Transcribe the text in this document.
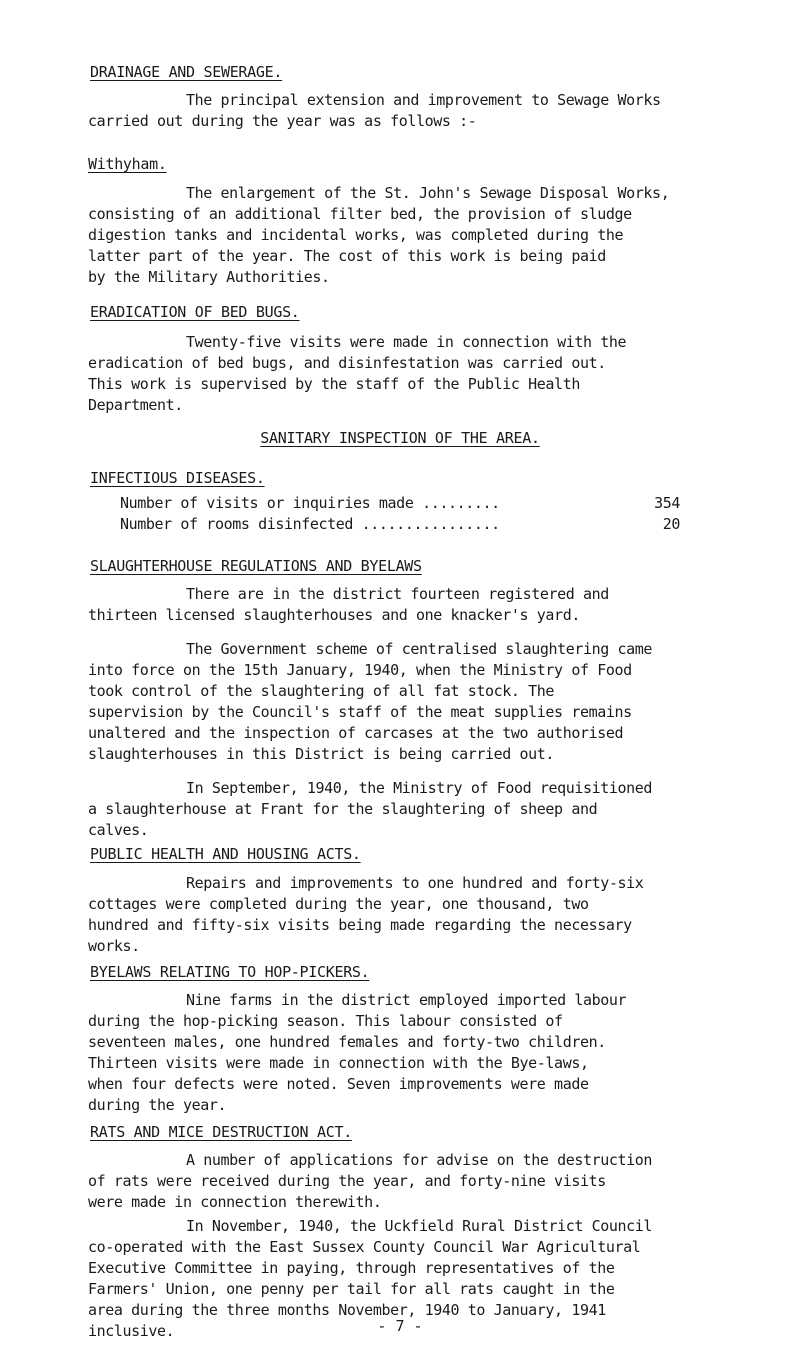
DRAINAGE AND SEWERAGE.
The principal extension and improvement to Sewage Works
carried out during the year was as follows :-
Withyham.
The enlargement of the St. John's Sewage Disposal Works,
consisting of an additional filter bed, the provision of sludge
digestion tanks and incidental works, was completed during the
latter part of the year. The cost of this work is being paid
by the Military Authorities.
ERADICATION OF BED BUGS.
Twenty-five visits were made in connection with the
eradication of bed bugs, and disinfestation was carried out.
This work is supervised by the staff of the Public Health
Department.
SANITARY INSPECTION OF THE AREA.
INFECTIOUS DISEASES.
Number of visits or inquiries made .........	354
Number of rooms disinfected ................	20
SLAUGHTERHOUSE REGULATIONS AND BYELAWS
There are in the district fourteen registered and
thirteen licensed slaughterhouses and one knacker's yard.
The Government scheme of centralised slaughtering came
into force on the 15th January, 1940, when the Ministry of Food
took control of the slaughtering of all fat stock. The
supervision by the Council's staff of the meat supplies remains
unaltered and the inspection of carcases at the two authorised
slaughterhouses in this District is being carried out.
In September, 1940, the Ministry of Food requisitioned
a slaughterhouse at Frant for the slaughtering of sheep and
calves.
PUBLIC HEALTH AND HOUSING ACTS.
Repairs and improvements to one hundred and forty-six
cottages were completed during the year, one thousand, two
hundred and fifty-six visits being made regarding the necessary
works.
BYELAWS RELATING TO HOP-PICKERS.
Nine farms in the district employed imported labour
during the hop-picking season. This labour consisted of
seventeen males, one hundred females and forty-two children.
Thirteen visits were made in connection with the Bye-laws,
when four defects were noted. Seven improvements were made
during the year.
RATS AND MICE DESTRUCTION ACT.
A number of applications for advise on the destruction
of rats were received during the year, and forty-nine visits
were made in connection therewith.
In November, 1940, the Uckfield Rural District Council
co-operated with the East Sussex County Council War Agricultural
Executive Committee in paying, through representatives of the
Farmers' Union, one penny per tail for all rats caught in the
area during the three months November, 1940 to January, 1941
inclusive.	- 7 -
